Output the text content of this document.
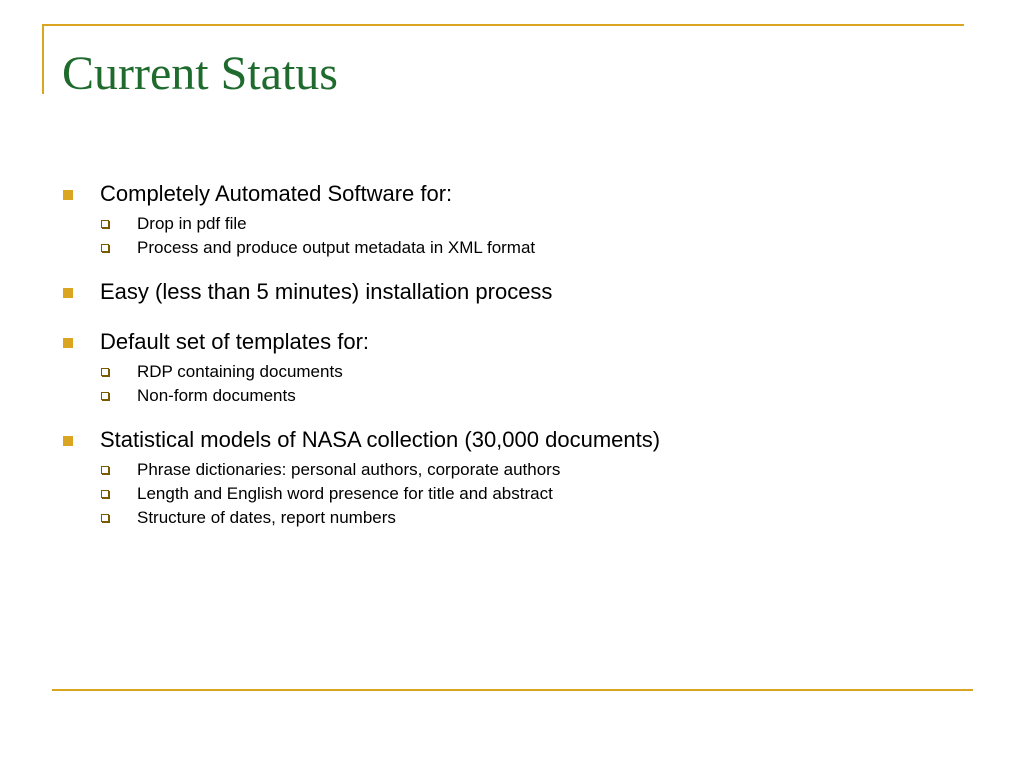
Current Status
Completely Automated Software for:
Drop in pdf file
Process and produce output metadata in XML format
Easy (less than 5 minutes) installation process
Default set of templates for:
RDP containing documents
Non-form documents
Statistical models of NASA collection (30,000 documents)
Phrase dictionaries: personal authors, corporate authors
Length and English word presence for title and abstract
Structure of dates, report numbers
